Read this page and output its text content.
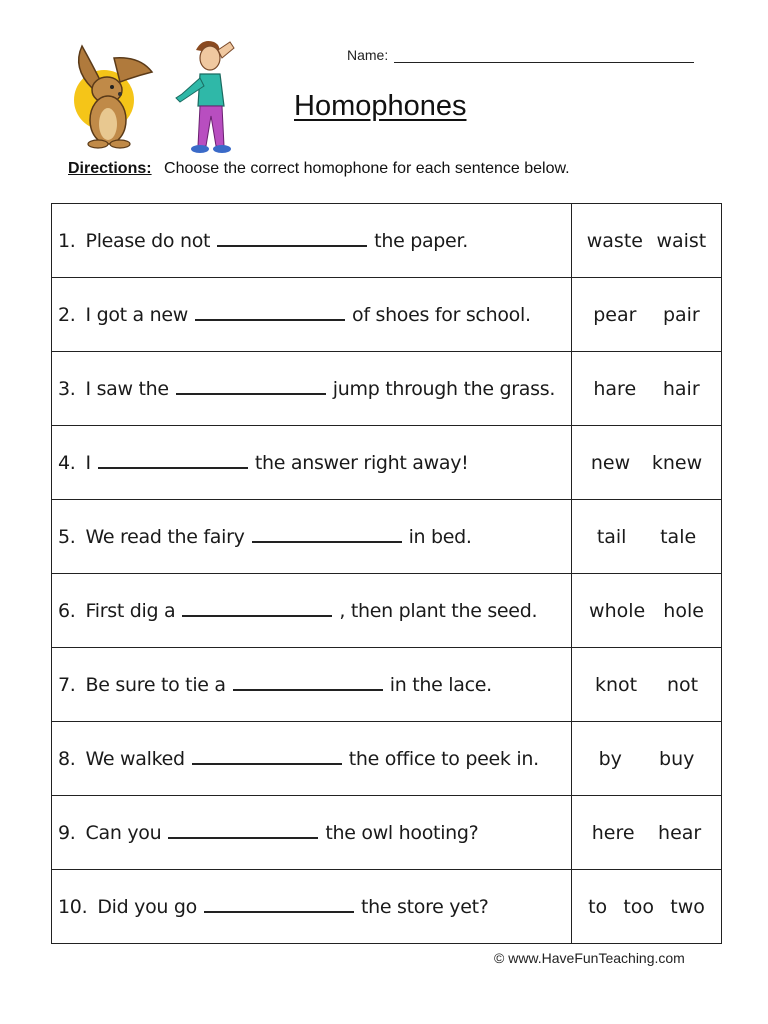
Name:
Homophones
Directions: Choose the correct homophone for each sentence below.
1. Please do not the paper.	waste waist

2. I got a new of shoes for school.	pear pair

3. I saw the jump through the grass.	hare hair

4. I the answer right away!	new knew

5. We read the fairy in bed.	tail tale

6. First dig a , then plant the seed.	whole hole

7. Be sure to tie a in the lace.	knot not

8. We walked the office to peek in.	by buy

9. Can you the owl hooting?	here hear

10. Did you go the store yet?	to too two
© www.HaveFunTeaching.com
